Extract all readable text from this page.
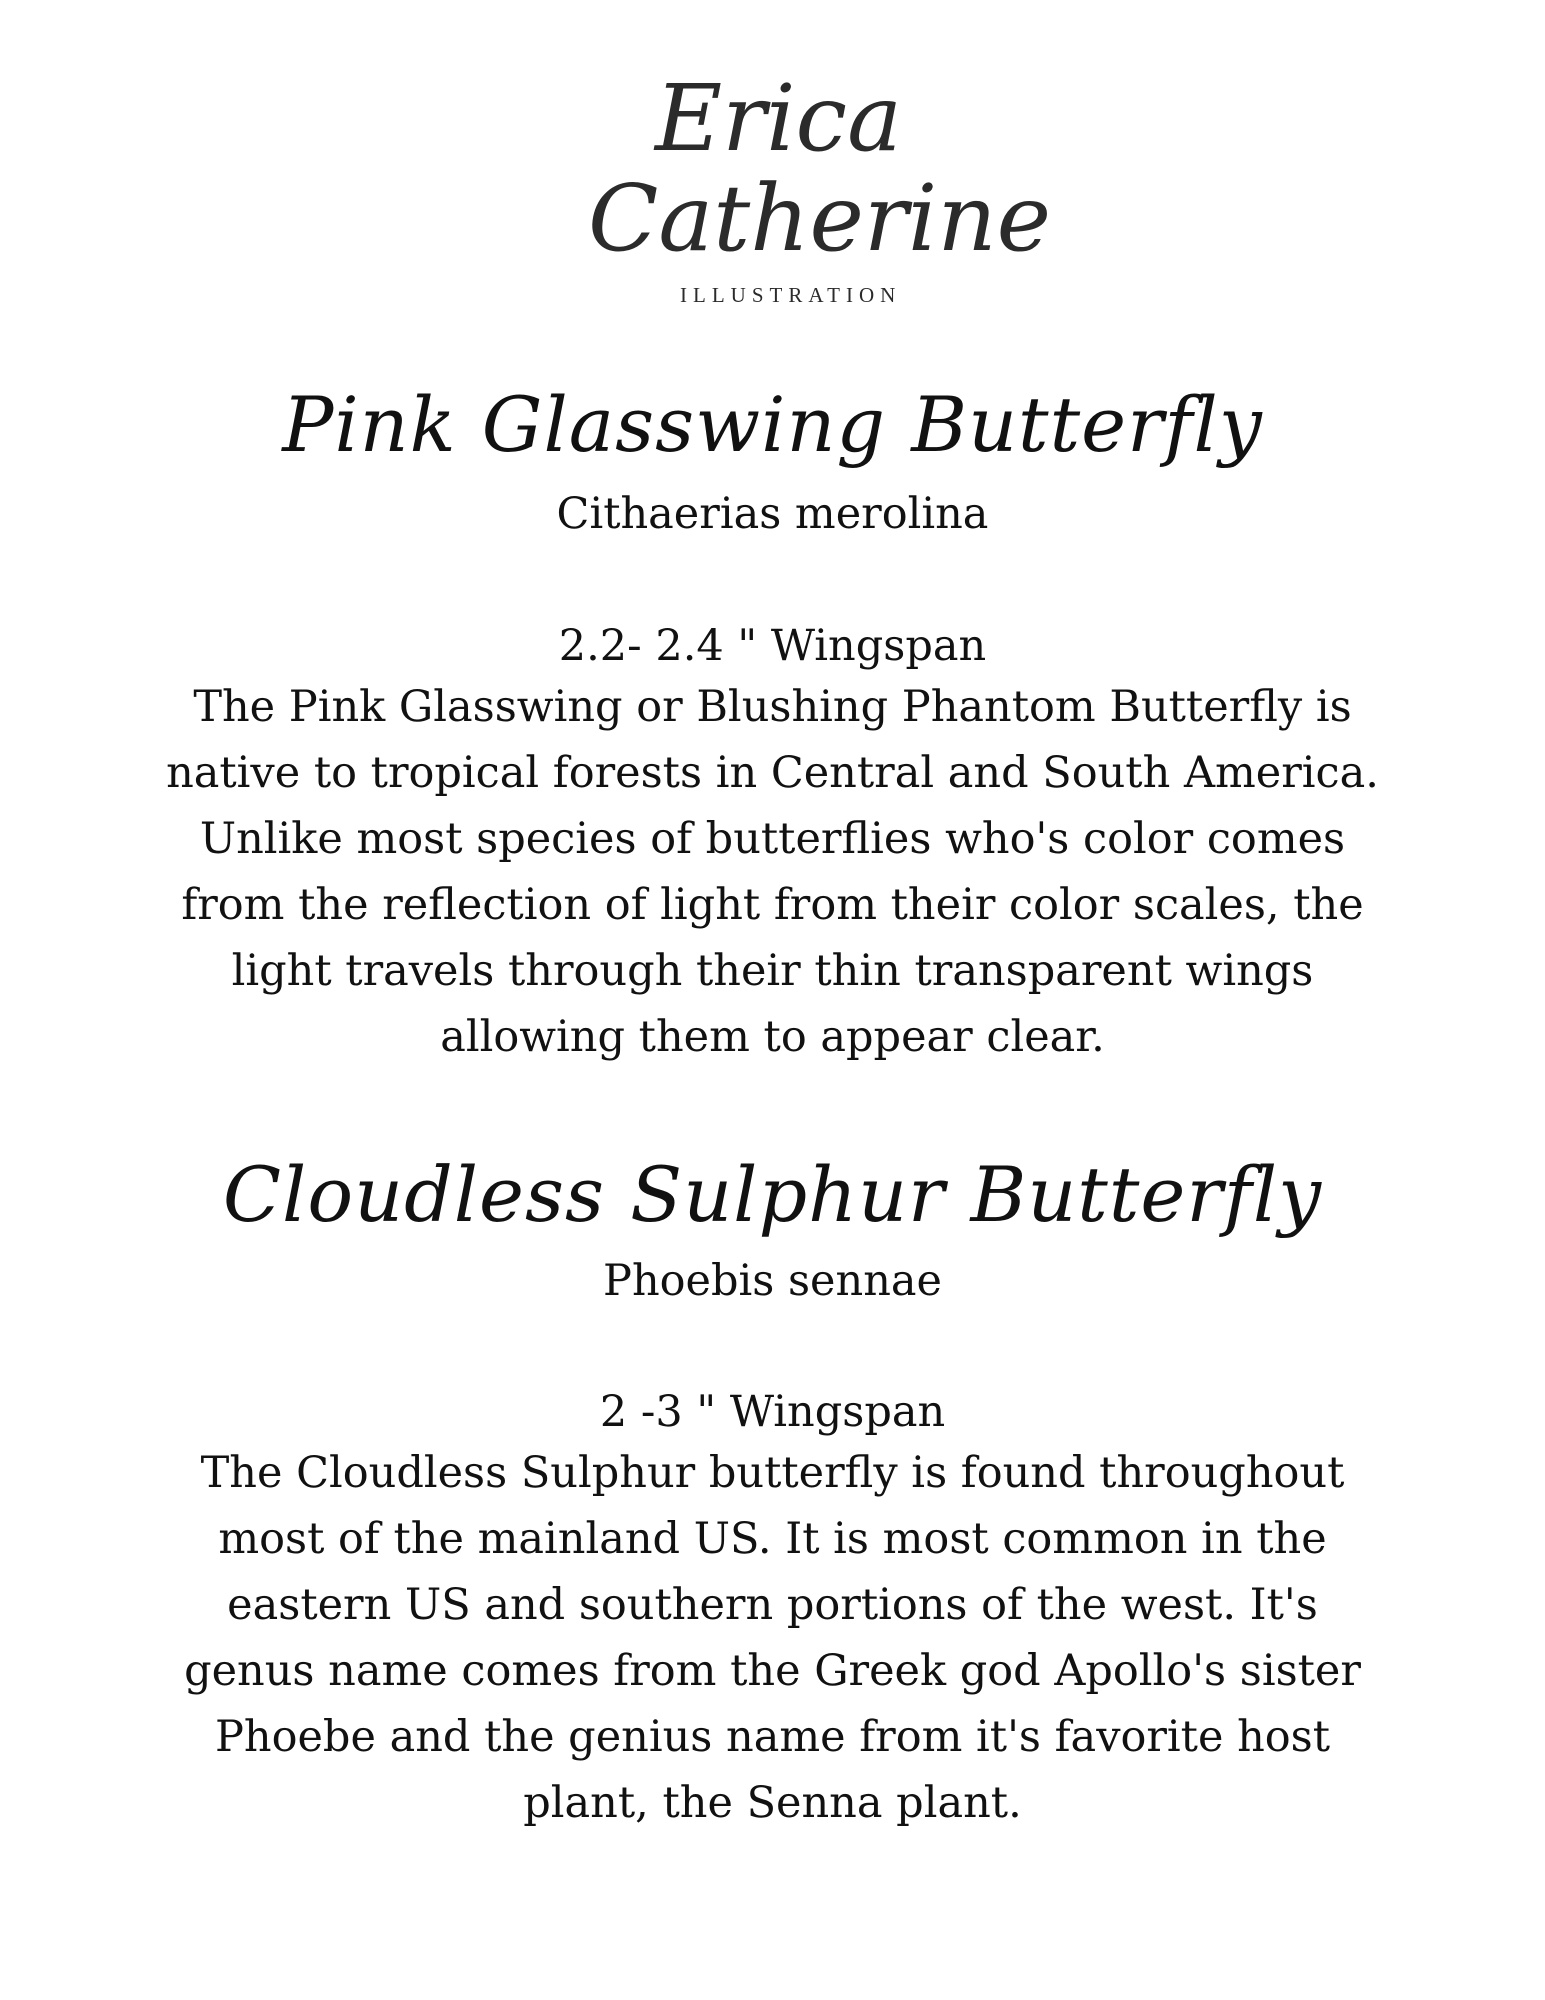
Erica
Catherine
ILLUSTRATION
Pink Glasswing Butterfly
Cithaerias merolina
2.2- 2.4 " Wingspan
The Pink Glasswing or Blushing Phantom Butterfly is
native to tropical forests in Central and South America.
Unlike most species of butterflies who's color comes
from the reflection of light from their color scales, the
light travels through their thin transparent wings
allowing them to appear clear.
Cloudless Sulphur Butterfly
Phoebis sennae
2 -3 " Wingspan
The Cloudless Sulphur butterfly is found throughout
most of the mainland US. It is most common in the
eastern US and southern portions of the west. It's
genus name comes from the Greek god Apollo's sister
Phoebe and the genius name from it's favorite host
plant, the Senna plant.
